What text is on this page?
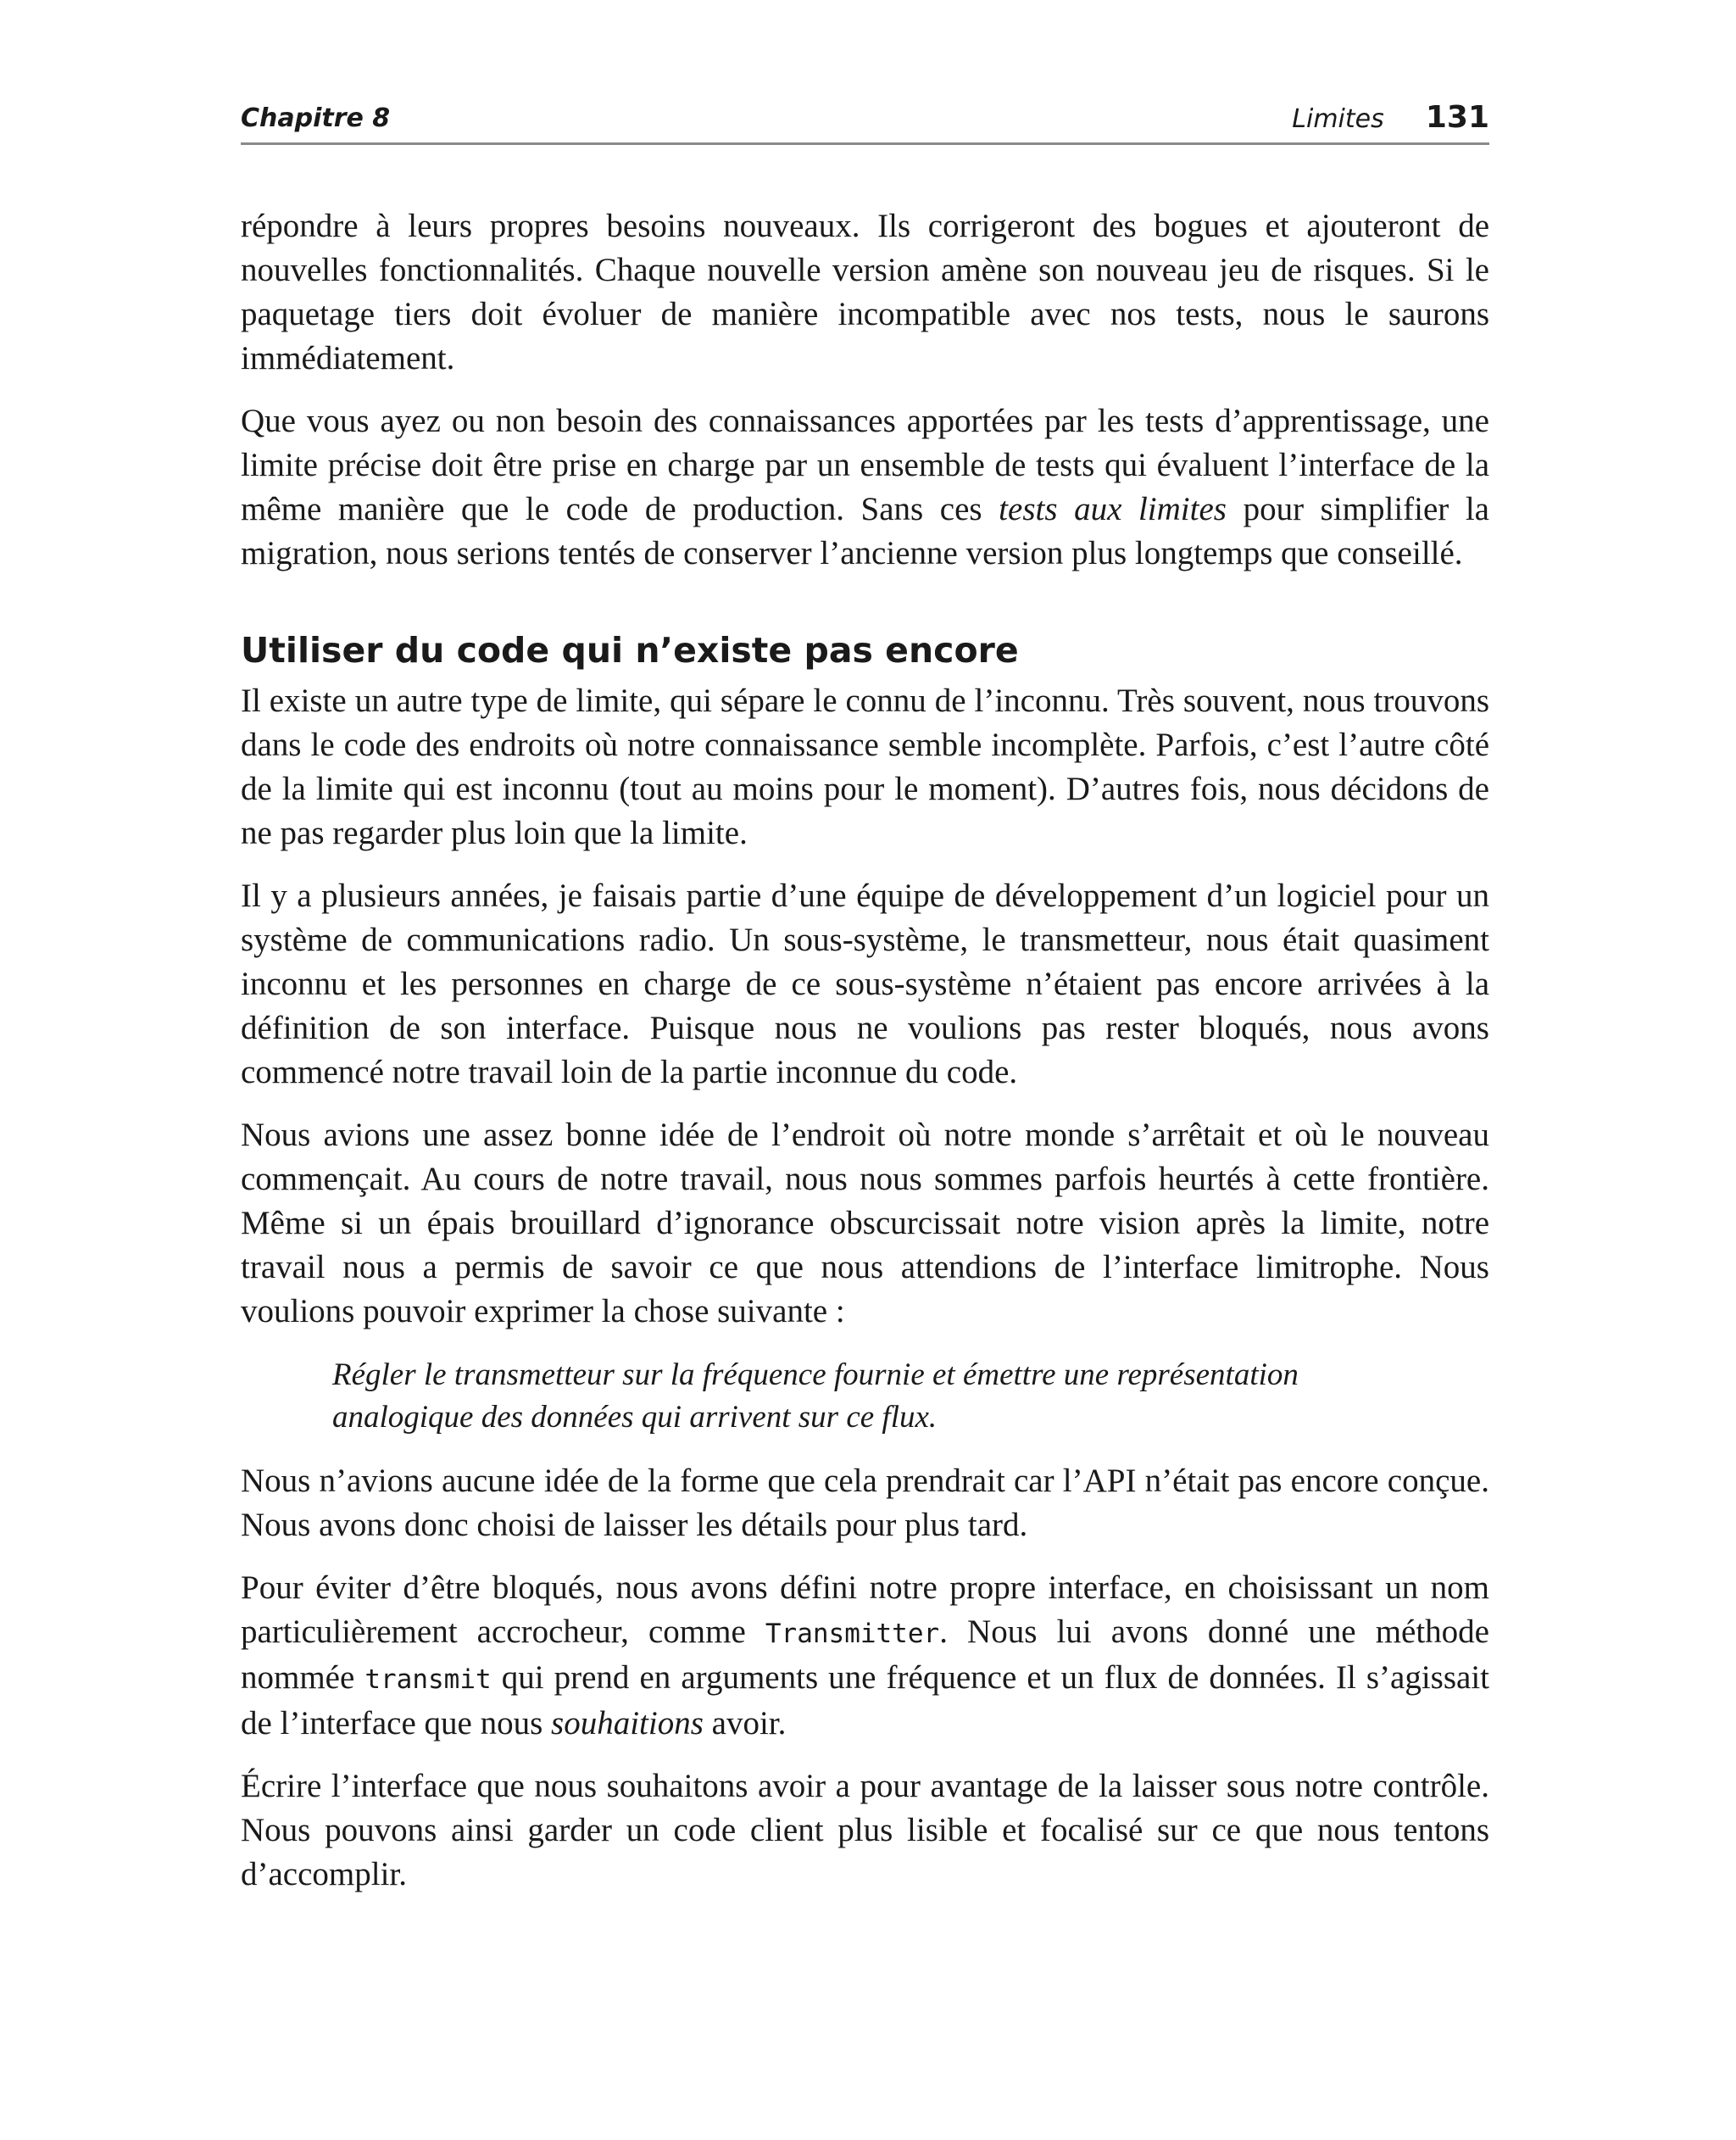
Chapitre 8	Limites 131

répondre à leurs propres besoins nouveaux. Ils corrigeront des bogues et ajouteront de nouvelles fonctionnalités. Chaque nouvelle version amène son nouveau jeu de risques. Si le paquetage tiers doit évoluer de manière incompatible avec nos tests, nous le saurons immédiatement.

Que vous ayez ou non besoin des connaissances apportées par les tests d’apprentissage, une limite précise doit être prise en charge par un ensemble de tests qui évaluent l’interface de la même manière que le code de production. Sans ces tests aux limites pour simplifier la migration, nous serions tentés de conserver l’ancienne version plus longtemps que conseillé.

Utiliser du code qui n’existe pas encore

Il existe un autre type de limite, qui sépare le connu de l’inconnu. Très souvent, nous trouvons dans le code des endroits où notre connaissance semble incomplète. Parfois, c’est l’autre côté de la limite qui est inconnu (tout au moins pour le moment). D’autres fois, nous décidons de ne pas regarder plus loin que la limite.

Il y a plusieurs années, je faisais partie d’une équipe de développement d’un logiciel pour un système de communications radio. Un sous-système, le transmetteur, nous était quasiment inconnu et les personnes en charge de ce sous-système n’étaient pas encore arrivées à la définition de son interface. Puisque nous ne voulions pas rester bloqués, nous avons commencé notre travail loin de la partie inconnue du code.

Nous avions une assez bonne idée de l’endroit où notre monde s’arrêtait et où le nouveau commençait. Au cours de notre travail, nous nous sommes parfois heurtés à cette frontière. Même si un épais brouillard d’ignorance obscurcissait notre vision après la limite, notre travail nous a permis de savoir ce que nous attendions de l’interface limitrophe. Nous voulions pouvoir exprimer la chose suivante :

Régler le transmetteur sur la fréquence fournie et émettre une représentation analogique des données qui arrivent sur ce flux.

Nous n’avions aucune idée de la forme que cela prendrait car l’API n’était pas encore conçue. Nous avons donc choisi de laisser les détails pour plus tard.

Pour éviter d’être bloqués, nous avons défini notre propre interface, en choisissant un nom particulièrement accrocheur, comme Transmitter. Nous lui avons donné une méthode nommée transmit qui prend en arguments une fréquence et un flux de données. Il s’agissait de l’interface que nous souhaitions avoir.

Écrire l’interface que nous souhaitons avoir a pour avantage de la laisser sous notre contrôle. Nous pouvons ainsi garder un code client plus lisible et focalisé sur ce que nous tentons d’accomplir.
